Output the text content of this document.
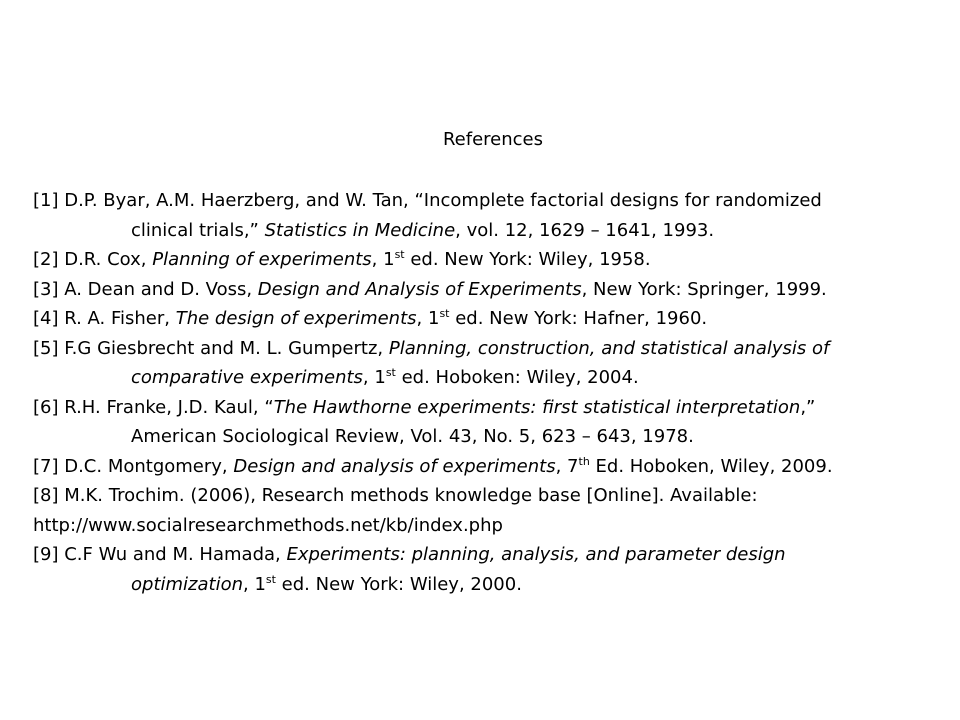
References
[1] D.P. Byar, A.M. Haerzberg, and W. Tan, “Incomplete factorial designs for randomized
clinical trials,” Statistics in Medicine, vol. 12, 1629 – 1641, 1993.
[2] D.R. Cox, Planning of experiments, 1st ed. New York: Wiley, 1958.
[3] A. Dean and D. Voss, Design and Analysis of Experiments, New York: Springer, 1999.
[4] R. A. Fisher, The design of experiments, 1st ed. New York: Hafner, 1960.
[5] F.G Giesbrecht and M. L. Gumpertz, Planning, construction, and statistical analysis of
comparative experiments, 1st ed. Hoboken: Wiley, 2004.
[6] R.H. Franke, J.D. Kaul, “The Hawthorne experiments: first statistical interpretation,”
American Sociological Review, Vol. 43, No. 5, 623 – 643, 1978.
[7] D.C. Montgomery, Design and analysis of experiments, 7th Ed. Hoboken, Wiley, 2009.
[8] M.K. Trochim. (2006), Research methods knowledge base [Online]. Available:
http://www.socialresearchmethods.net/kb/index.php
[9] C.F Wu and M. Hamada, Experiments: planning, analysis, and parameter design
optimization, 1st ed. New York: Wiley, 2000.
